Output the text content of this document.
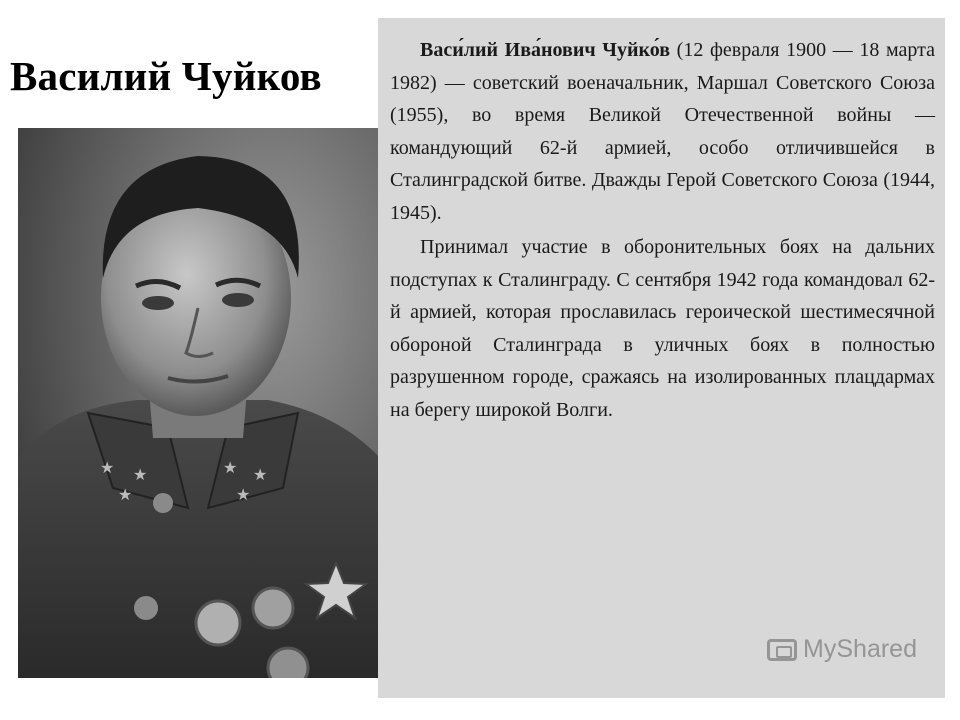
Василий Чуйков
★ ★
★
★ ★
★

Васи́лий Ива́нович Чуйко́в (12 февраля 1900 — 18 марта 1982) — советский военачальник, Маршал Советского Союза (1955), во время Великой Отечественной войны — командующий 62-й армией, особо отличившейся в Сталинградской битве. Дважды Герой Советского Союза (1944, 1945).

Принимал участие в оборонительных боях на дальних подступах к Сталинграду. С сентября 1942 года командовал 62-й армией, которая прославилась героической шестимесячной обороной Сталинграда в уличных боях в полностью разрушенном городе, сражаясь на изолированных плацдармах на берегу широкой Волги.

MyShared
